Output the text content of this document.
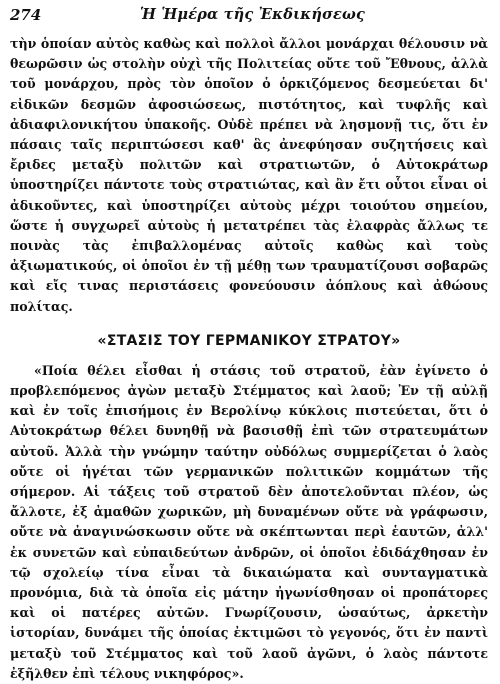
274	Ἡ Ἡμέρα τῆς Ἐκδικήσεως

τὴν ὁποίαν αὐτὸς καθὼς καὶ πολλοὶ ἄλλοι μονάρχαι θέλουσιν νὰ θεωρῶσιν ὡς στολὴν οὐχὶ τῆς Πολιτείας οὔτε τοῦ Ἔθνους, ἀλλὰ τοῦ μονάρχου, πρὸς τὸν ὁποῖον ὁ ὁρκιζόμενος δεσμεύεται δι' εἰδικῶν δεσμῶν ἀφοσιώσεως, πιστότητος, καὶ τυφλῆς καὶ ἀδιαφιλονικήτου ὑπακοῆς. Οὐδὲ πρέπει νὰ λησμονῇ τις, ὅτι ἐν πάσαις ταῖς περιπτώσεσι καθ' ἃς ἀνεφύησαν συζητήσεις καὶ ἔριδες μεταξὺ πολιτῶν καὶ στρατιωτῶν, ὁ Αὐτοκράτωρ ὑποστηρίζει πάντοτε τοὺς στρατιώτας, καὶ ἂν ἔτι οὗτοι εἶναι οἱ ἀδικοῦντες, καὶ ὑποστηρίζει αὐτοὺς μέχρι τοιούτου σημείου, ὥστε ἡ συγχωρεῖ αὐτοὺς ἡ μετατρέπει τὰς ἐλαφρὰς ἄλλως τε ποινὰς τὰς ἐπιβαλλομένας αὐτοῖς καθὼς καὶ τοὺς ἀξιωματικούς, οἱ ὁποῖοι ἐν τῇ μέθῃ των τραυματίζουσι σοβαρῶς καὶ εἴς τινας περιστάσεις φονεύουσιν ἀόπλους καὶ ἀθώους πολίτας.

«ΣΤΑΣΙΣ ΤΟΥ ΓΕΡΜΑΝΙΚΟΥ ΣΤΡΑΤΟΥ»

«Ποία θέλει εἶσθαι ἡ στάσις τοῦ στρατοῦ, ἐὰν ἐγίνετο ὁ προβλεπόμενος ἀγὼν μεταξὺ Στέμματος καὶ λαοῦ; Ἐν τῇ αὐλῇ καὶ ἐν τοῖς ἐπισήμοις ἐν Βερολίνῳ κύκλοις πιστεύεται, ὅτι ὁ Αὐτοκράτωρ θέλει δυνηθῇ νὰ βασισθῇ ἐπὶ τῶν στρατευμάτων αὐτοῦ. Ἀλλὰ τὴν γνώμην ταύτην οὐδόλως συμμερίζεται ὁ λαὸς οὔτε οἱ ἡγέται τῶν γερμανικῶν πολιτικῶν κομμάτων τῆς σήμερον. Αἱ τάξεις τοῦ στρατοῦ δὲν ἀποτελοῦνται πλέον, ὡς ἄλλοτε, ἐξ ἀμαθῶν χωρικῶν, μὴ δυναμένων οὔτε νὰ γράφωσιν, οὔτε νὰ ἀναγινώσκωσιν οὔτε νὰ σκέπτωνται περὶ ἑαυτῶν, ἀλλ' ἐκ συνετῶν καὶ εὐπαιδεύτων ἀνδρῶν, οἱ ὁποῖοι ἐδιδάχθησαν ἐν τῷ σχολείῳ τίνα εἶναι τὰ δικαιώματα καὶ συνταγματικὰ προνόμια, διὰ τὰ ὁποῖα εἰς μάτην ἠγωνίσθησαν οἱ προπάτορες καὶ οἱ πατέρες αὐτῶν. Γνωρίζουσιν, ὡσαύτως, ἀρκετὴν ἱστορίαν, δυνάμει τῆς ὁποίας ἐκτιμῶσι τὸ γεγονός, ὅτι ἐν παντὶ μεταξὺ τοῦ Στέμματος καὶ τοῦ λαοῦ ἀγῶνι, ὁ λαὸς πάντοτε ἐξῆλθεν ἐπὶ τέλους νικηφόρος».
